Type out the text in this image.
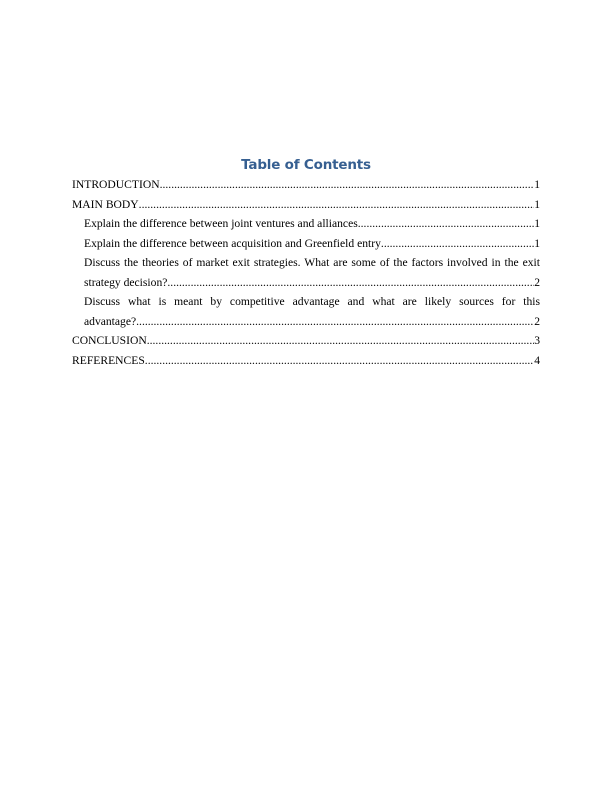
Table of Contents
INTRODUCTION .....	1
MAIN BODY .....	1
Explain the difference between joint ventures and alliances .....	1
Explain the difference between acquisition and Greenfield entry .....	1
Discuss the theories of market exit strategies. What are some of the factors involved in the exit
strategy decision? .....	2
Discuss what is meant by competitive advantage and what are likely sources for this
advantage? .....	2
CONCLUSION .....	3
REFERENCES .....	4
